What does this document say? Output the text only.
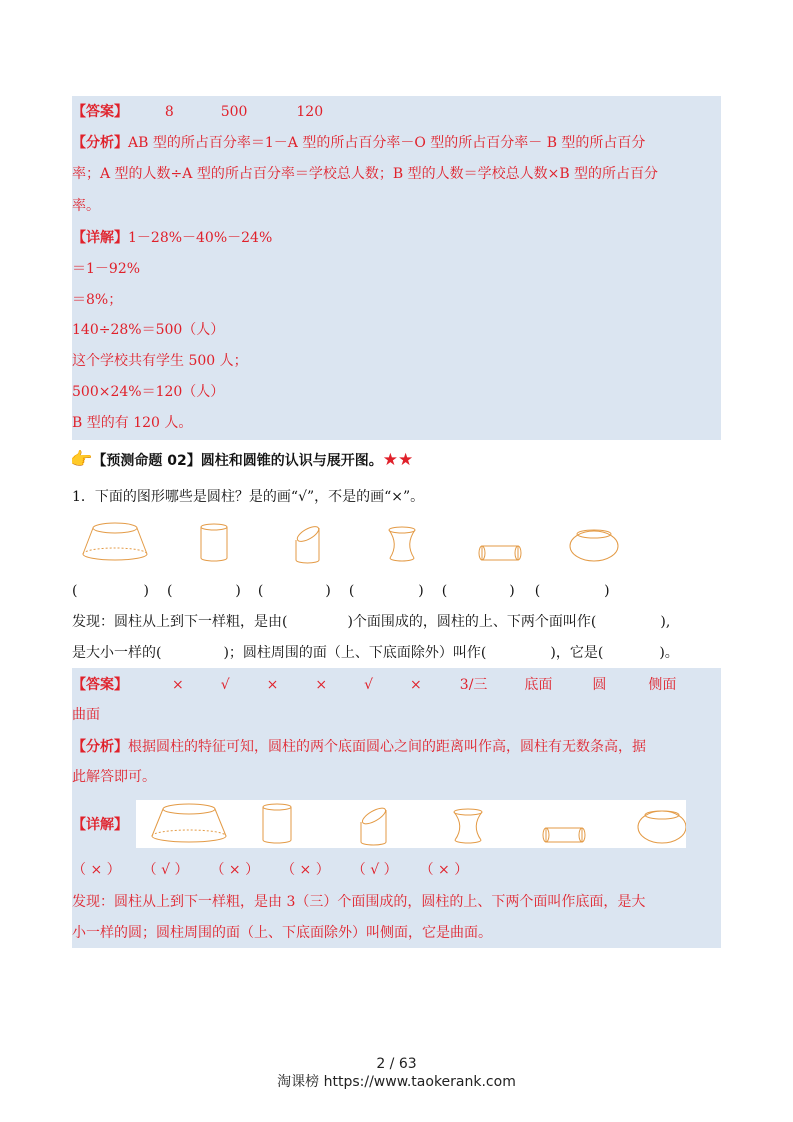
【答案】	8	500	120
【分析】AB 型的所占百分率＝1－A 型的所占百分率－O 型的所占百分率－ B 型的所占百分
率；A 型的人数÷A 型的所占百分率＝学校总人数；B 型的人数＝学校总人数×B 型的所占百分
率。
【详解】1－28%－40%－24%
＝1－92%
＝8%；
140÷28%＝500（人）
这个学校共有学生 500 人；
500×24%＝120（人）
B 型的有 120 人。
👉【预测命题 02】圆柱和圆锥的认识与展开图。★★
1．下面的图形哪些是圆柱？是的画“√”，不是的画“×”。
(	) (	) (	) (	) (	) (	)
发现：圆柱从上到下一样粗，是由(	)个面围成的，圆柱的上、下两个面叫作(	),
是大小一样的(	)；圆柱周围的面（上、下底面除外）叫作(	)，它是(	)。
【答案】	×	√	×	×	√	×	3/三	底面	圆	侧面
曲面
【分析】根据圆柱的特征可知，圆柱的两个底面圆心之间的距离叫作高，圆柱有无数条高，据
此解答即可。
【详解】
（ × ） （ √ ） （ × ） （ × ） （ √ ） （ × ）
发现：圆柱从上到下一样粗，是由 3（三）个面围成的，圆柱的上、下两个面叫作底面，是大
小一样的圆；圆柱周围的面（上、下底面除外）叫侧面，它是曲面。
2 / 63
淘课榜 https://www.taokerank.com
